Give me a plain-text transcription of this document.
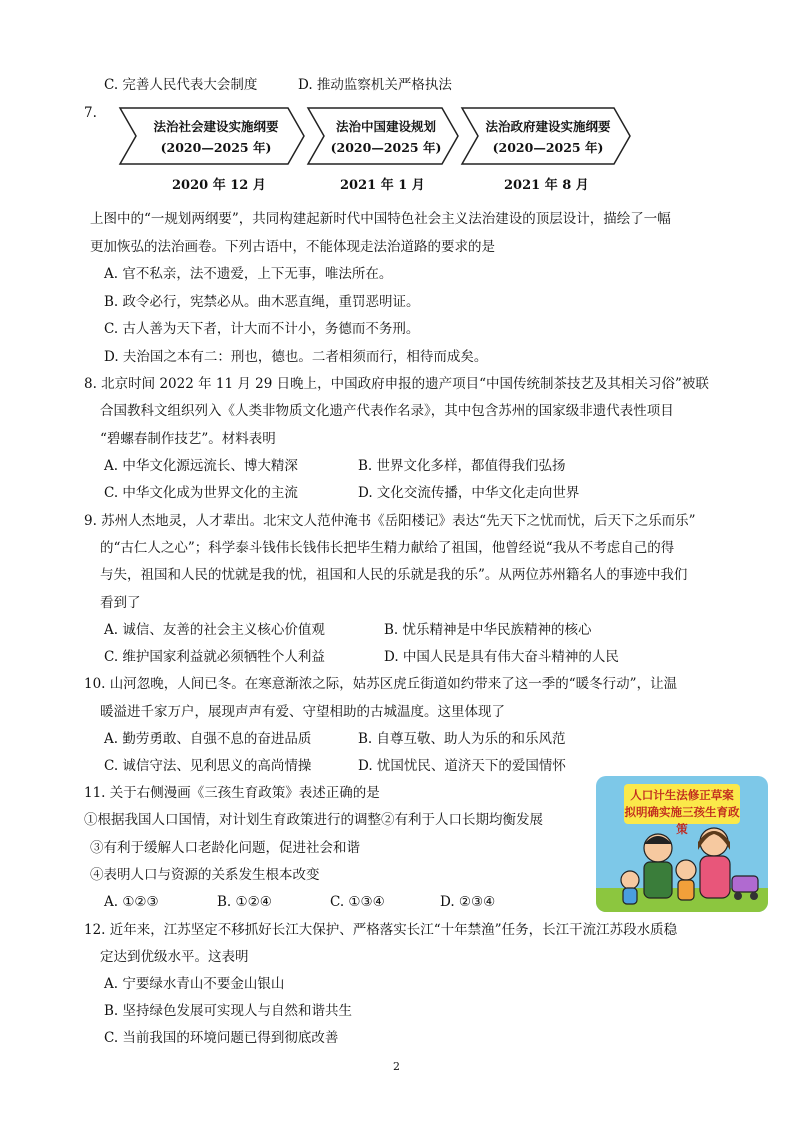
C. 完善人民代表大会制度	D. 推动监察机关严格执法
7.
法治社会建设实施纲要
(2020—2025 年)
法治中国建设规划
(2020—2025 年)
法治政府建设实施纲要
(2020—2025 年)
2020 年 12 月	2021 年 1 月	2021 年 8 月
上图中的“一规划两纲要”，共同构建起新时代中国特色社会主义法治建设的顶层设计，描绘了一幅
更加恢弘的法治画卷。下列古语中，不能体现走法治道路的要求的是
A. 官不私亲，法不遗爱，上下无事，唯法所在。
B. 政令必行，宪禁必从。曲木恶直绳，重罚恶明证。
C. 古人善为天下者，计大而不计小，务德而不务刑。
D. 夫治国之本有二：刑也，德也。二者相须而行，相待而成矣。
8. 北京时间 2022 年 11 月 29 日晚上，中国政府申报的遗产项目“中国传统制茶技艺及其相关习俗”被联
合国教科文组织列入《人类非物质文化遗产代表作名录》，其中包含苏州的国家级非遗代表性项目
“碧螺春制作技艺”。材料表明
A. 中华文化源远流长、博大精深	B. 世界文化多样，都值得我们弘扬
C. 中华文化成为世界文化的主流	D. 文化交流传播，中华文化走向世界
9. 苏州人杰地灵，人才辈出。北宋文人范仲淹书《岳阳楼记》表达“先天下之忧而忧，后天下之乐而乐”
的“古仁人之心”；科学泰斗钱伟长钱伟长把毕生精力献给了祖国，他曾经说“我从不考虑自己的得
与失，祖国和人民的忧就是我的忧，祖国和人民的乐就是我的乐”。从两位苏州籍名人的事迹中我们
看到了
A. 诚信、友善的社会主义核心价值观	B. 忧乐精神是中华民族精神的核心
C. 维护国家利益就必须牺牲个人利益	D. 中国人民是具有伟大奋斗精神的人民
10. 山河忽晚，人间已冬。在寒意渐浓之际，姑苏区虎丘街道如约带来了这一季的“暖冬行动”，让温
暖溢进千家万户，展现声声有爱、守望相助的古城温度。这里体现了
A. 勤劳勇敢、自强不息的奋进品质	B. 自尊互敬、助人为乐的和乐风范
C. 诚信守法、见利思义的高尚情操	D. 忧国忧民、道济天下的爱国情怀
11. 关于右侧漫画《三孩生育政策》表述正确的是
①根据我国人口国情，对计划生育政策进行的调整②有利于人口长期均衡发展
③有利于缓解人口老龄化问题，促进社会和谐
④表明人口与资源的关系发生根本改变
A. ①②③	B. ①②④	C. ①③④	D. ②③④
人口计生法修正草案
拟明确实施三孩生育政策
12. 近年来，江苏坚定不移抓好长江大保护、严格落实长江“十年禁渔”任务，长江干流江苏段水质稳
定达到优级水平。这表明
A. 宁要绿水青山不要金山银山
B. 坚持绿色发展可实现人与自然和谐共生
C. 当前我国的环境问题已得到彻底改善
2
